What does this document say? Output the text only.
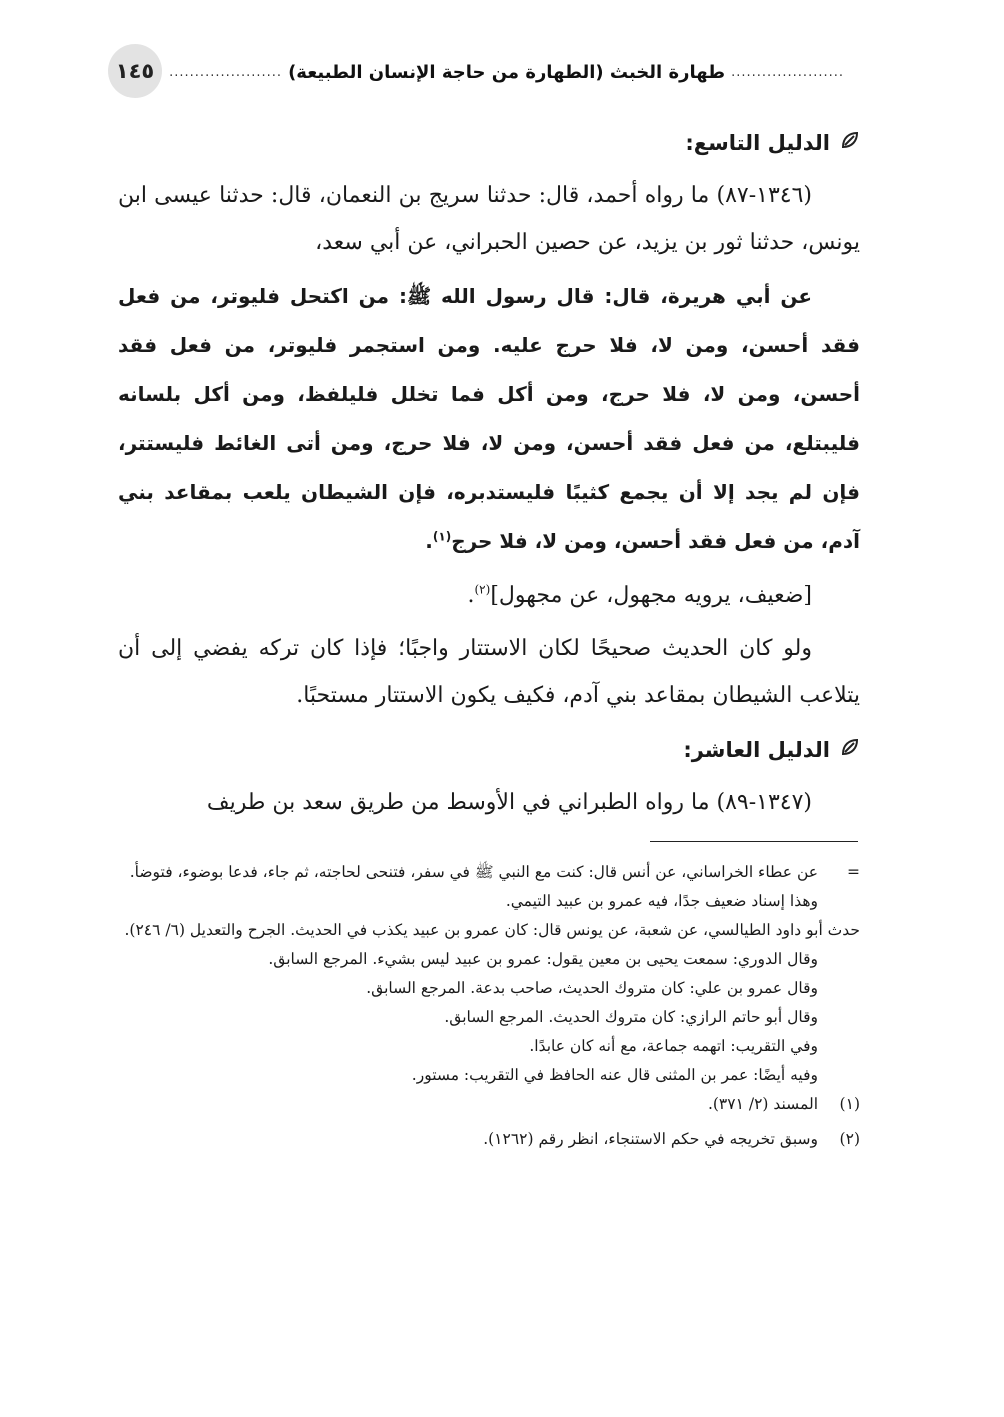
١٤٥	......................
طهارة الخبث (الطهارة من حاجة الإنسان الطبيعة)
......................

الدليل التاسع:

(١٣٤٦-٨٧) ما رواه أحمد، قال: حدثنا سريج بن النعمان، قال: حدثنا عيسى ابن يونس، حدثنا ثور بن يزيد، عن حصين الحبراني، عن أبي سعد،

عن أبي هريرة، قال: قال رسول الله ﷺ: من اكتحل فليوتر، من فعل فقد أحسن، ومن لا، فلا حرج عليه. ومن استجمر فليوتر، من فعل فقد أحسن، ومن لا، فلا حرج، ومن أكل فما تخلل فليلفظ، ومن أكل بلسانه فليبتلع، من فعل فقد أحسن، ومن لا، فلا حرج، ومن أتى الغائط فليستتر، فإن لم يجد إلا أن يجمع كثيبًا فليستدبره، فإن الشيطان يلعب بمقاعد بني آدم، من فعل فقد أحسن، ومن لا، فلا حرج$^{(١)}$.

[ضعيف، يرويه مجهول، عن مجهول]$^{(٢)}$.

ولو كان الحديث صحيحًا لكان الاستتار واجبًا؛ فإذا كان تركه يفضي إلى أن يتلاعب الشيطان بمقاعد بني آدم، فكيف يكون الاستتار مستحبًا.

الدليل العاشر:

(١٣٤٧-٨٩) ما رواه الطبراني في الأوسط من طريق سعد بن طريف

=
عن عطاء الخراساني، عن أنس قال: كنت مع النبي ﷺ في سفر، فتنحى لحاجته، ثم جاء، فدعا بوضوء، فتوضأ.

وهذا إسناد ضعيف جدًا، فيه عمرو بن عبيد التيمي.

حدث أبو داود الطيالسي، عن شعبة، عن يونس قال: كان عمرو بن عبيد يكذب في الحديث. الجرح والتعديل (٦/ ٢٤٦).

وقال الدوري: سمعت يحيى بن معين يقول: عمرو بن عبيد ليس بشيء. المرجع السابق.

وقال عمرو بن علي: كان متروك الحديث، صاحب بدعة. المرجع السابق.

وقال أبو حاتم الرازي: كان متروك الحديث. المرجع السابق.

وفي التقريب: اتهمه جماعة، مع أنه كان عابدًا.

وفيه أيضًا: عمر بن المثنى قال عنه الحافظ في التقريب: مستور.

(١)
المسند (٢/ ٣٧١).
(٢)
وسبق تخريجه في حكم الاستنجاء، انظر رقم (١٢٦٢).
